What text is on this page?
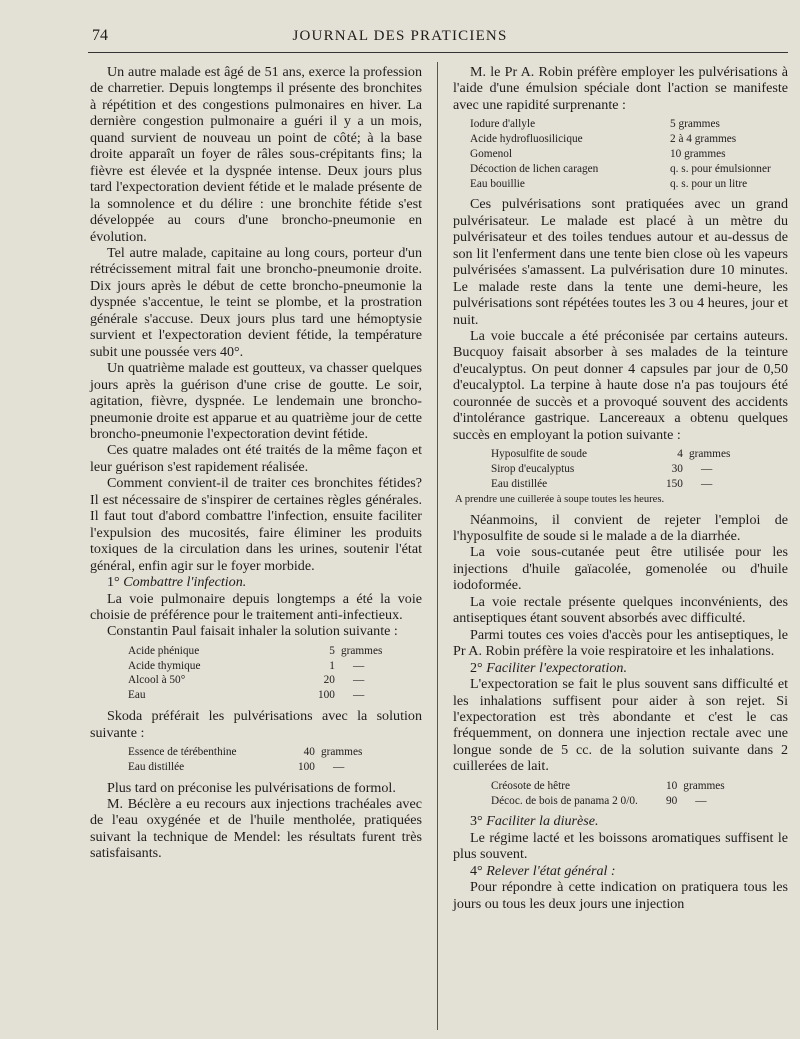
74	JOURNAL DES PRATICIENS

Un autre malade est âgé de 51 ans, exerce la profession de charretier. Depuis longtemps il présente des bronchites à répétition et des congestions pulmonaires en hiver. La dernière congestion pulmonaire a guéri il y a un mois, quand survient de nouveau un point de côté; à la base droite apparaît un foyer de râles sous-crépitants fins; la fièvre est élevée et la dyspnée intense. Deux jours plus tard l'expectoration devient fétide et le malade présente de la somnolence et du délire : une bronchite fétide s'est développée au cours d'une broncho-pneumonie en évolution.

Tel autre malade, capitaine au long cours, porteur d'un rétrécissement mitral fait une broncho-pneumonie droite. Dix jours après le début de cette broncho-pneumonie la dyspnée s'accentue, le teint se plombe, et la prostration générale s'accuse. Deux jours plus tard une hémoptysie survient et l'expectoration devient fétide, la température subit une poussée vers 40°.

Un quatrième malade est goutteux, va chasser quelques jours après la guérison d'une crise de goutte. Le soir, agitation, fièvre, dyspnée. Le lendemain une broncho-pneumonie droite est apparue et au quatrième jour de cette broncho-pneumonie l'expectoration devint fétide.

Ces quatre malades ont été traités de la même façon et leur guérison s'est rapidement réalisée.

Comment convient-il de traiter ces bronchites fétides? Il est nécessaire de s'inspirer de certaines règles générales. Il faut tout d'abord combattre l'infection, ensuite faciliter l'expulsion des mucosités, faire éliminer les produits toxiques de la circulation dans les urines, soutenir l'état général, enfin agir sur le foyer morbide.

1° Combattre l'infection.

La voie pulmonaire depuis longtemps a été la voie choisie de préférence pour le traitement anti-infectieux.

Constantin Paul faisait inhaler la solution suivante :

Acide phénique	5	grammes
Acide thymique	1	—
Alcool à 50°	20	—
Eau	100	—

Skoda préférait les pulvérisations avec la solution suivante :

Essence de térébenthine	40	grammes
Eau distillée	100	—

Plus tard on préconise les pulvérisations de formol.

M. Béclère a eu recours aux injections trachéales avec de l'eau oxygénée et de l'huile mentholée, pratiquées suivant la technique de Mendel: les résultats furent très satisfaisants.

M. le Pr A. Robin préfère employer les pulvérisations à l'aide d'une émulsion spéciale dont l'action se manifeste avec une rapidité surprenante :

Iodure d'allyle	5 grammes
Acide hydrofluosilicique	2 à 4 grammes
Gomenol	10 grammes
Décoction de lichen caragen	q. s. pour émulsionner
Eau bouillie	q. s. pour un litre

Ces pulvérisations sont pratiquées avec un grand pulvérisateur. Le malade est placé à un mètre du pulvérisateur et des toiles tendues autour et au-dessus de son lit l'enferment dans une tente bien close où les vapeurs pulvérisées s'amassent. La pulvérisation dure 10 minutes. Le malade reste dans la tente une demi-heure, les pulvérisations sont répétées toutes les 3 ou 4 heures, jour et nuit.

La voie buccale a été préconisée par certains auteurs. Bucquoy faisait absorber à ses malades de la teinture d'eucalyptus. On peut donner 4 capsules par jour de 0,50 d'eucalyptol. La terpine à haute dose n'a pas toujours été couronnée de succès et a provoqué souvent des accidents d'intolérance gastrique. Lancereaux a obtenu quelques succès en employant la potion suivante :

Hyposulfite de soude	4	grammes
Sirop d'eucalyptus	30	—
Eau distillée	150	—
A prendre une cuillerée à soupe toutes les heures.

Néanmoins, il convient de rejeter l'emploi de l'hyposulfite de soude si le malade a de la diarrhée.

La voie sous-cutanée peut être utilisée pour les injections d'huile gaïacolée, gomenolée ou d'huile iodoformée.

La voie rectale présente quelques inconvénients, des antiseptiques étant souvent absorbés avec difficulté.

Parmi toutes ces voies d'accès pour les antiseptiques, le Pr A. Robin préfère la voie respiratoire et les inhalations.

2° Faciliter l'expectoration.

L'expectoration se fait le plus souvent sans difficulté et les inhalations suffisent pour aider à son rejet. Si l'expectoration est très abondante et c'est le cas fréquemment, on donnera une injection rectale avec une longue sonde de 5 cc. de la solution suivante dans 2 cuillerées de lait.

Créosote de hêtre	10	grammes
Décoc. de bois de panama 2 0/0.	90	—
3° Faciliter la diurèse.

Le régime lacté et les boissons aromatiques suffisent le plus souvent.

4° Relever l'état général :

Pour répondre à cette indication on pratiquera tous les jours ou tous les deux jours une injection
